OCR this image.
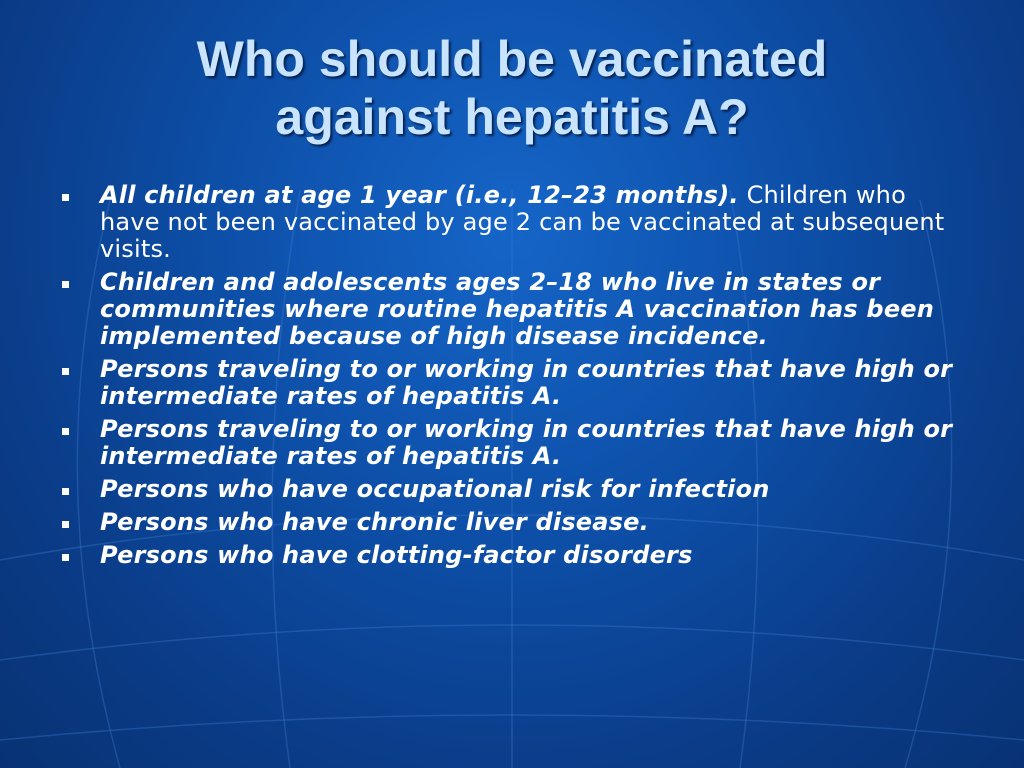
Who should be vaccinated
against hepatitis A?
All children at age 1 year (i.e., 12–23 months). Children who have not been vaccinated by age 2 can be vaccinated at subsequent visits.
Children and adolescents ages 2–18 who live in states or communities where routine hepatitis A vaccination has been implemented because of high disease incidence.
Persons traveling to or working in countries that have high or intermediate rates of hepatitis A.
Persons traveling to or working in countries that have high or intermediate rates of hepatitis A.
Persons who have occupational risk for infection
Persons who have chronic liver disease.
Persons who have clotting-factor disorders
